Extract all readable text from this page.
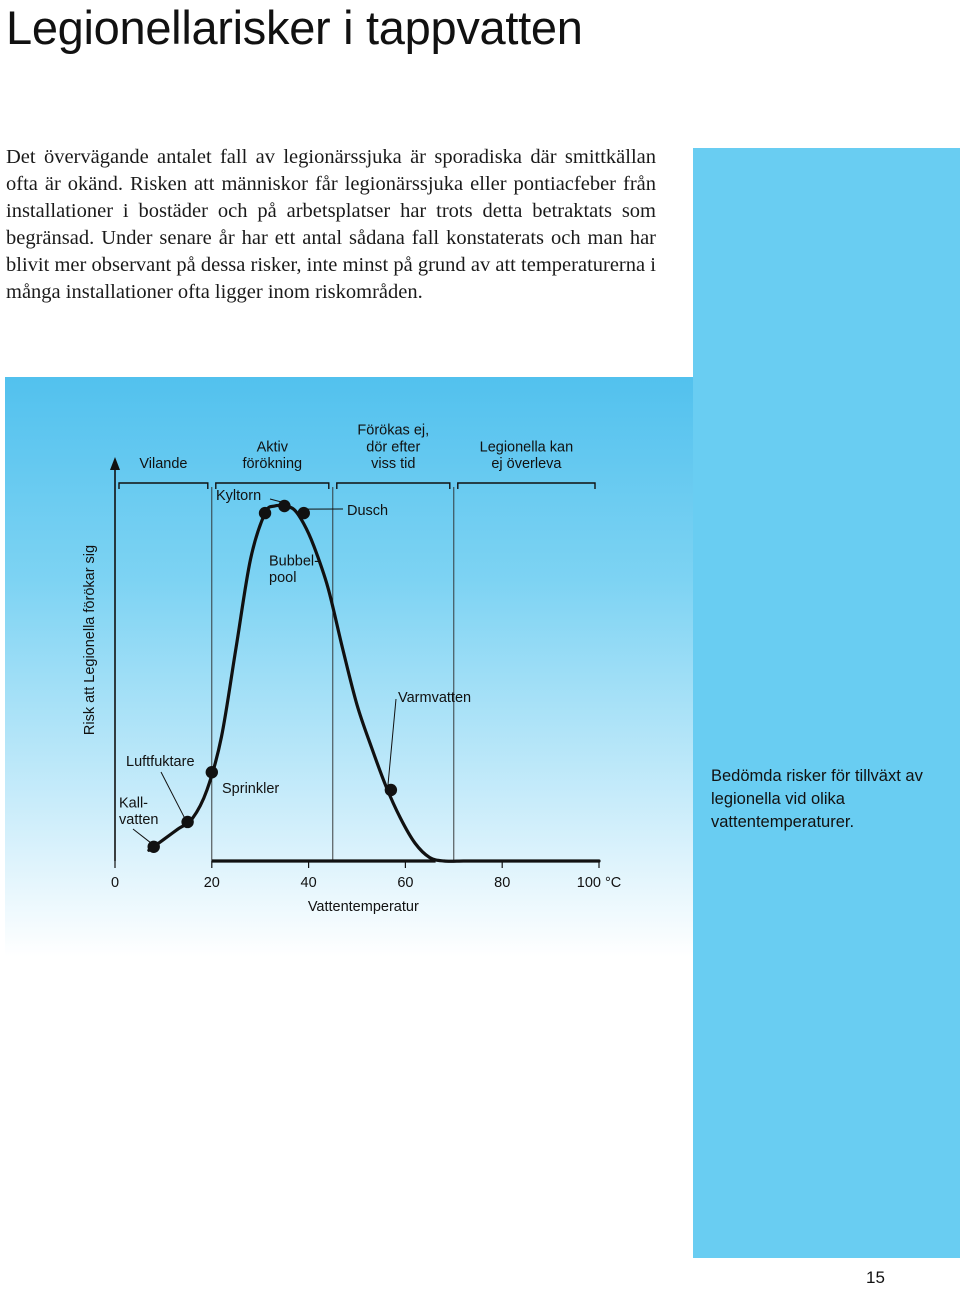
Legionellarisker i tappvatten

Det övervägande antalet fall av legionärssjuka är sporadiska där smittkällan ofta är okänd. Risken att människor får legionärssjuka eller pontiacfeber från installationer i bostäder och på arbetsplatser har trots detta betraktats som begränsad. Under senare år har ett antal sådana fall konstaterats och man har blivit mer observant på dessa risker, inte minst på grund av att temperaturerna i många installationer ofta ligger inom riskområden.

Bedömda risker för tillväxt av legionella vid olika vattentemperaturer.

Vilande
Aktiv förökning
Förökas ej, dör efter viss tid
Legionella kan ej överleva
Kall-vatten
Luftfuktare
Sprinkler
Kyltorn
Bubbel-pool
Dusch
Varmvatten
0	20	40	60	80	100 °C
Vattentemperatur
Risk att Legionella förökar sig
15
